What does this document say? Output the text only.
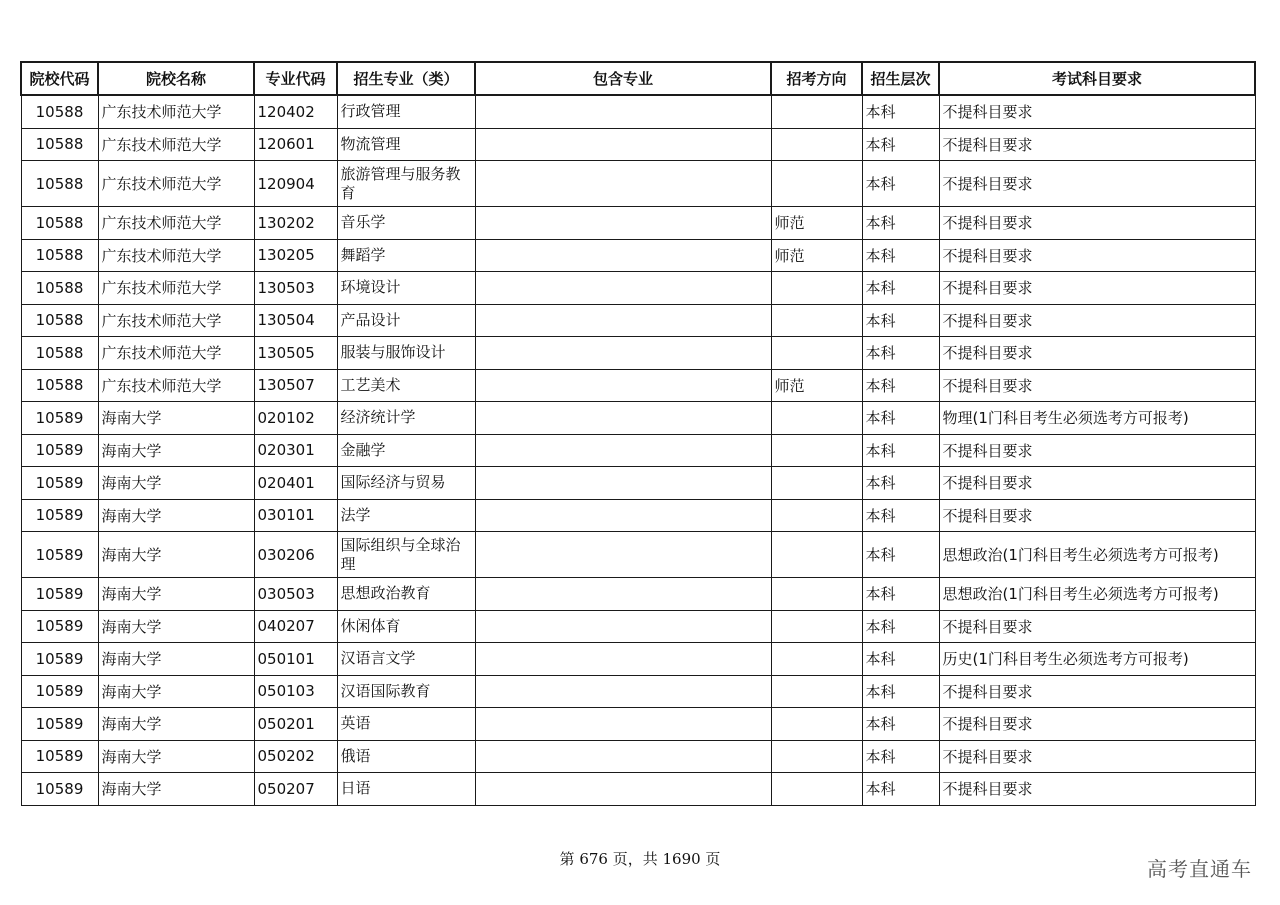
院校代码	院校名称	专业代码	招生专业（类）	包含专业	招考方向	招生层次	考试科目要求
10588	广东技术师范大学	120402	行政管理			本科	不提科目要求
10588	广东技术师范大学	120601	物流管理			本科	不提科目要求
10588	广东技术师范大学	120904	旅游管理与服务教育			本科	不提科目要求
10588	广东技术师范大学	130202	音乐学		师范	本科	不提科目要求
10588	广东技术师范大学	130205	舞蹈学		师范	本科	不提科目要求
10588	广东技术师范大学	130503	环境设计			本科	不提科目要求
10588	广东技术师范大学	130504	产品设计			本科	不提科目要求
10588	广东技术师范大学	130505	服装与服饰设计			本科	不提科目要求
10588	广东技术师范大学	130507	工艺美术		师范	本科	不提科目要求
10589	海南大学	020102	经济统计学			本科	物理(1门科目考生必须选考方可报考)
10589	海南大学	020301	金融学			本科	不提科目要求
10589	海南大学	020401	国际经济与贸易			本科	不提科目要求
10589	海南大学	030101	法学			本科	不提科目要求
10589	海南大学	030206	国际组织与全球治理			本科	思想政治(1门科目考生必须选考方可报考)
10589	海南大学	030503	思想政治教育			本科	思想政治(1门科目考生必须选考方可报考)
10589	海南大学	040207	休闲体育			本科	不提科目要求
10589	海南大学	050101	汉语言文学			本科	历史(1门科目考生必须选考方可报考)
10589	海南大学	050103	汉语国际教育			本科	不提科目要求
10589	海南大学	050201	英语			本科	不提科目要求
10589	海南大学	050202	俄语			本科	不提科目要求
10589	海南大学	050207	日语			本科	不提科目要求
第 676 页，共 1690 页	高考直通车
